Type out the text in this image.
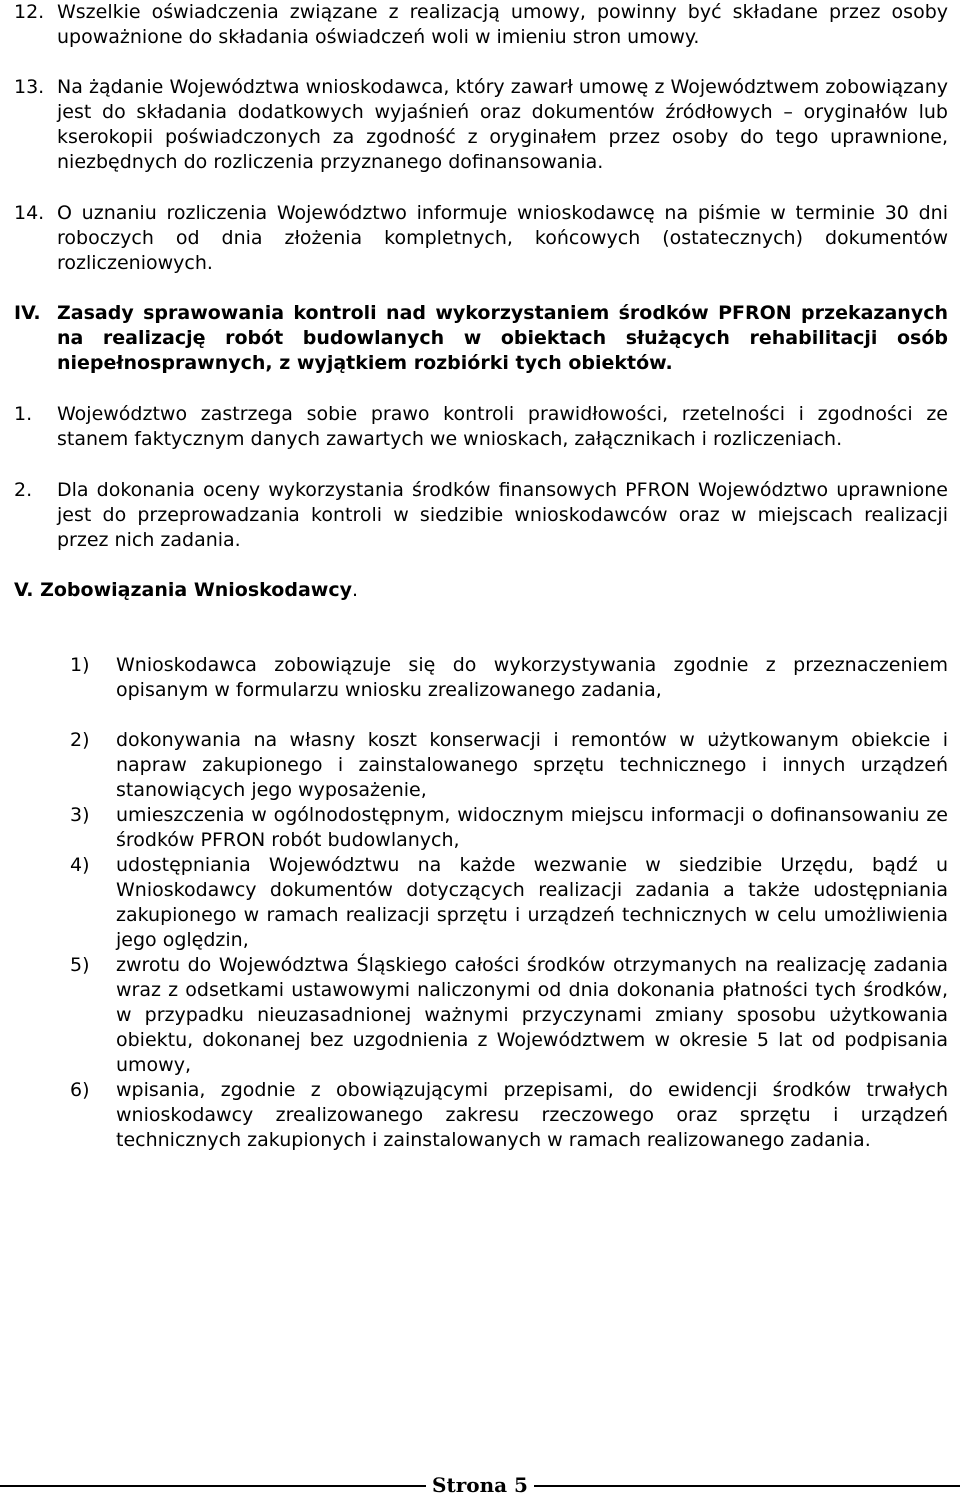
12. Wszelkie oświadczenia związane z realizacją umowy, powinny być składane przez osoby upoważnione do składania oświadczeń woli w imieniu stron umowy.
13. Na żądanie Województwa wnioskodawca, który zawarł umowę z Województwem zobowiązany jest do składania dodatkowych wyjaśnień oraz dokumentów źródłowych – oryginałów lub kserokopii poświadczonych za zgodność z oryginałem przez osoby do tego uprawnione, niezbędnych do rozliczenia przyznanego dofinansowania.
14. O uznaniu rozliczenia Województwo informuje wnioskodawcę na piśmie w terminie 30 dni roboczych od dnia złożenia kompletnych, końcowych (ostatecznych) dokumentów rozliczeniowych.
IV. Zasady sprawowania kontroli nad wykorzystaniem środków PFRON przekazanych na realizację robót budowlanych w obiektach służących rehabilitacji osób niepełnosprawnych, z wyjątkiem rozbiórki tych obiektów.
1. Województwo zastrzega sobie prawo kontroli prawidłowości, rzetelności i zgodności ze stanem faktycznym danych zawartych we wnioskach, załącznikach i rozliczeniach.
2. Dla dokonania oceny wykorzystania środków finansowych PFRON Województwo uprawnione jest do przeprowadzania kontroli w siedzibie wnioskodawców oraz w miejscach realizacji przez nich zadania.
V. Zobowiązania Wnioskodawcy.
1) Wnioskodawca zobowiązuje się do wykorzystywania zgodnie z przeznaczeniem opisanym w formularzu wniosku zrealizowanego zadania,
2) dokonywania na własny koszt konserwacji i remontów w użytkowanym obiekcie i napraw zakupionego i zainstalowanego sprzętu technicznego i innych urządzeń stanowiących jego wyposażenie,
3) umieszczenia w ogólnodostępnym, widocznym miejscu informacji o dofinansowaniu ze środków PFRON robót budowlanych,
4) udostępniania Województwu na każde wezwanie w siedzibie Urzędu, bądź u Wnioskodawcy dokumentów dotyczących realizacji zadania a także udostępniania zakupionego w ramach realizacji sprzętu i urządzeń technicznych w celu umożliwienia jego oględzin,
5) zwrotu do Województwa Śląskiego całości środków otrzymanych na realizację zadania wraz z odsetkami ustawowymi naliczonymi od dnia dokonania płatności tych środków, w przypadku nieuzasadnionej ważnymi przyczynami zmiany sposobu użytkowania obiektu, dokonanej bez uzgodnienia z Województwem w okresie 5 lat od podpisania umowy,
6) wpisania, zgodnie z obowiązującymi przepisami, do ewidencji środków trwałych wnioskodawcy zrealizowanego zakresu rzeczowego oraz sprzętu i urządzeń technicznych zakupionych i zainstalowanych w ramach realizowanego zadania.
Strona 5
